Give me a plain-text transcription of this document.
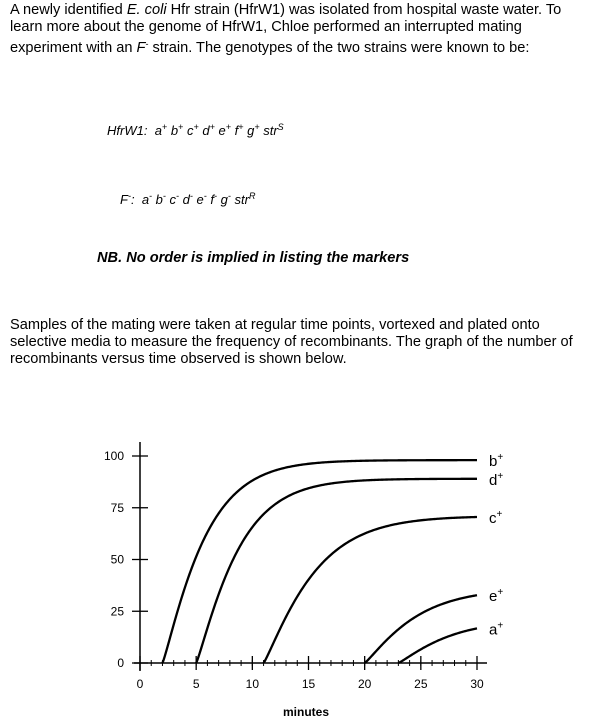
A newly identified E. coli Hfr strain (HfrW1) was isolated from hospital waste water. To learn more about the genome of HfrW1, Chloe performed an interrupted mating experiment with an F- strain. The genotypes of the two strains were known to be:

HfrW1: a+ b+ c+ d+ e+ f+ g+ str$^S$
F-: a- b- c- d- e- f- g- str$^R$
NB. No order is implied in listing the markers

Samples of the mating were taken at regular time points, vortexed and plated onto selective media to measure the frequency of recombinants. The graph of the number of recombinants versus time observed is shown below.

0	5	10	15	20	25	30
0
25
50
75
100	b+
d+
c+
e+
a+
minutes
